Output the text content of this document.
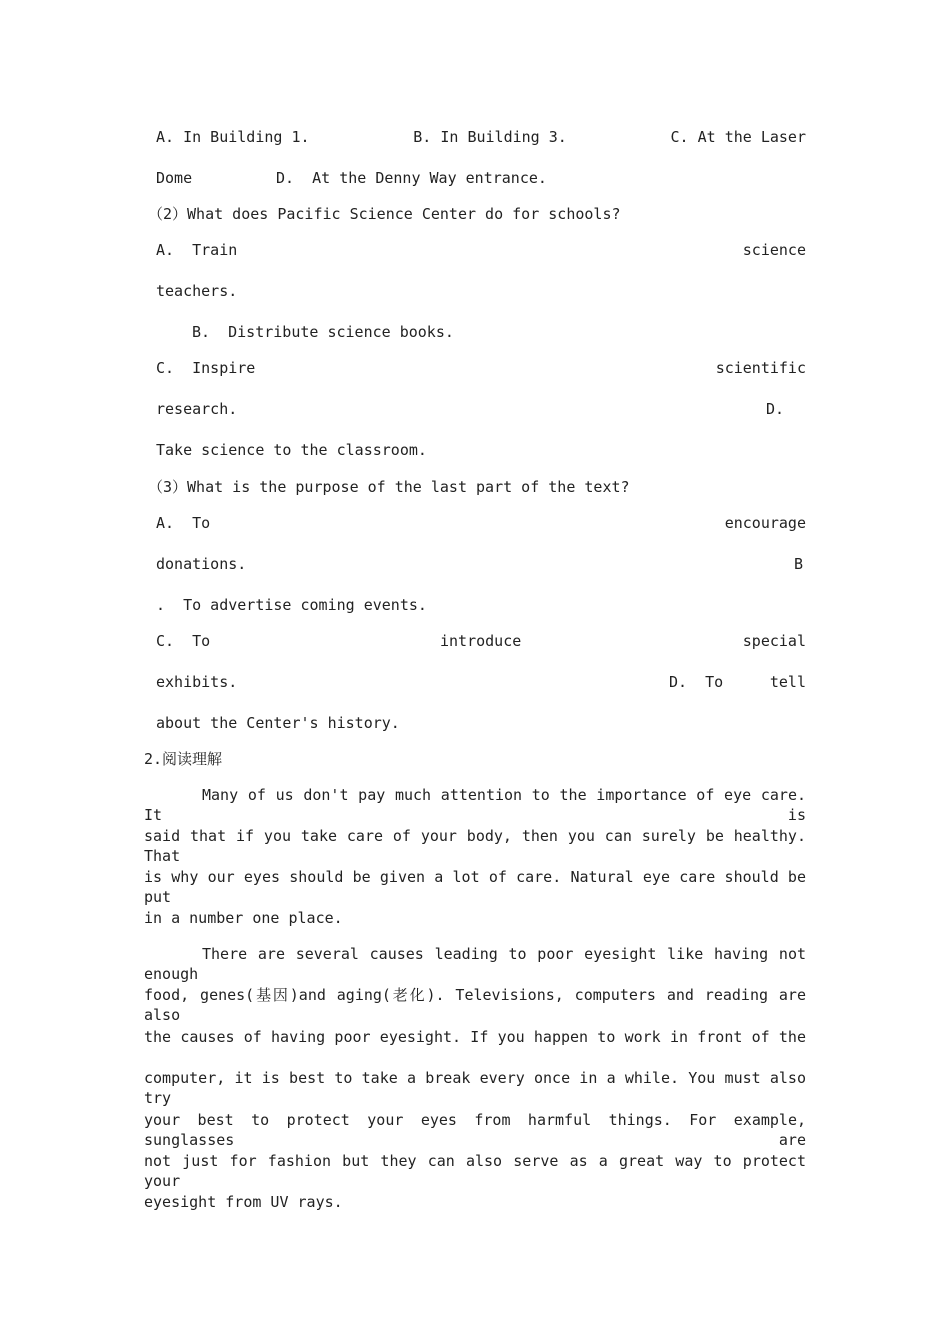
A. In Building 1.	B. In Building 3.	C. At the Laser
Dome	D.  At the Denny Way entrance.
（2）What does Pacific Science Center do for schools?
A.  Train	science
teachers.
B.  Distribute science books.
C.  Inspire	scientific
research.	D.
Take science to the classroom.
（3）What is the purpose of the last part of the text?
A.  To	encourage
donations.	B
.  To advertise coming events.
C.  To	introduce	special
exhibits.	D.  To	tell
about the Center's history.
2.阅读理解
Many of us don't pay much attention to the importance of eye care. It is
said that if you take care of your body, then you can surely be healthy. That
is why our eyes should be given a lot of care. Natural eye care should be put
in a number one place.
There are several causes leading to poor eyesight like having not enough
food, genes(基因)and aging(老化). Televisions, computers and reading are also
the causes of having poor eyesight. If you happen to work in front of the
computer, it is best to take a break every once in a while. You must also try
your best to protect your eyes from harmful things. For example, sunglasses are
not just for fashion but they can also serve as a great way to protect your
eyesight from UV rays.
